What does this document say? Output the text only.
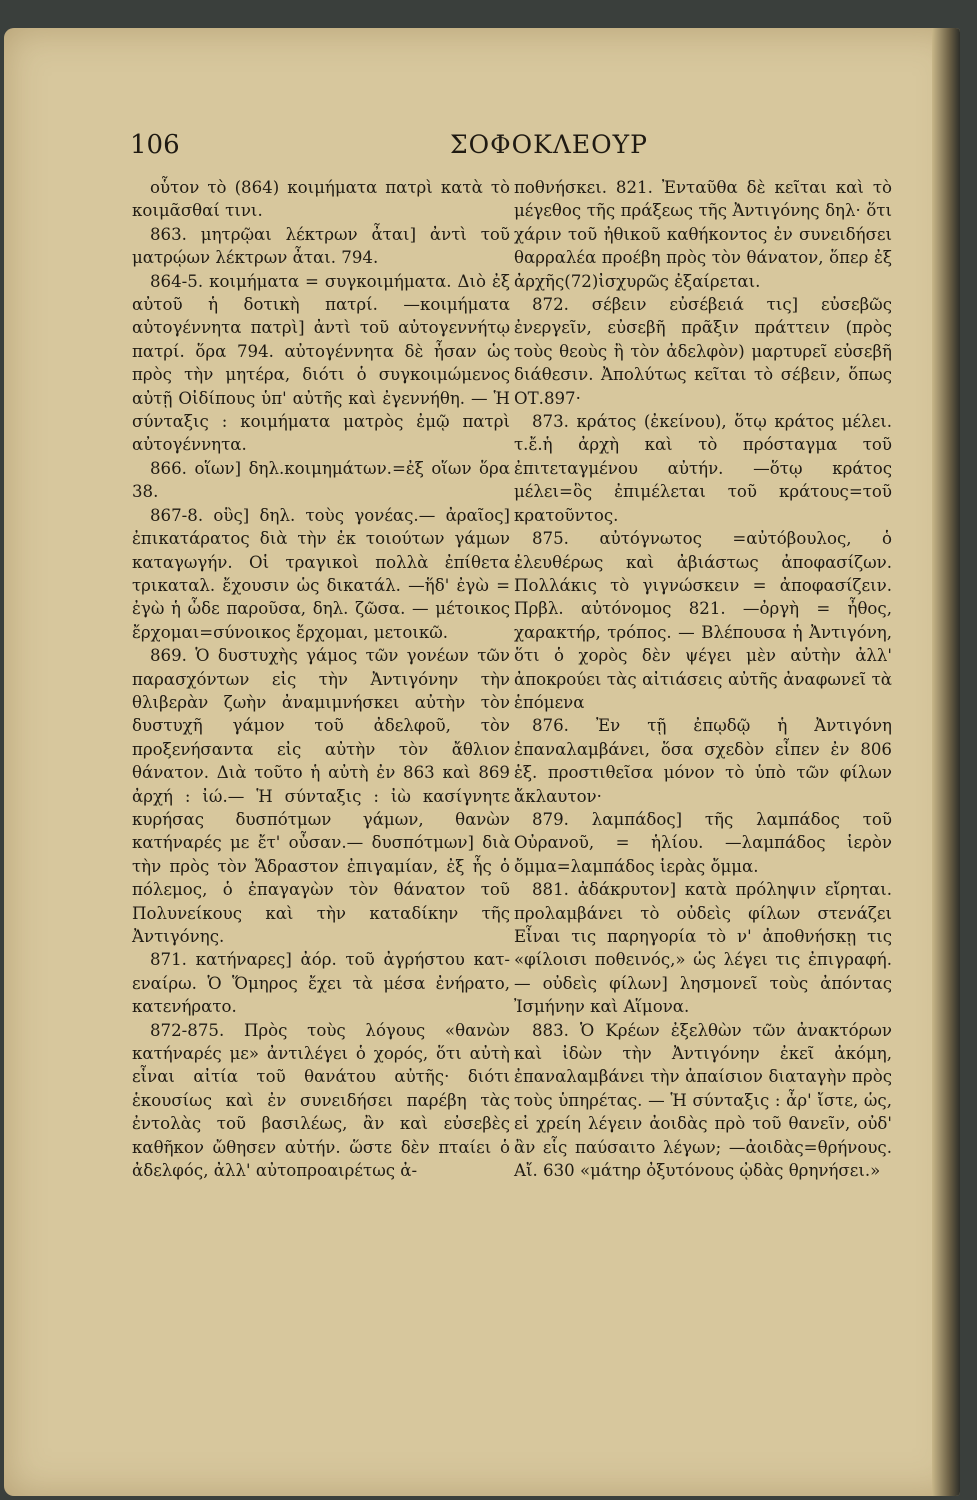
106	ΣΟΦΟΚΛΕΟΥΡ

οὗτον τὸ (864) κοιμήματα πατρὶ κατὰ τὸ κοιμᾶσθαί τινι.

863. μητρῷαι λέκτρων ἆται] ἀντὶ τοῦ ματρῴων λέκτρων ἆται. 794.

864-5. κοιμήματα = συγκοιμήματα. Διὸ ἐξ αὐτοῦ ἡ δοτικὴ πατρί. —κοιμήματα αὐτογέννητα πατρὶ] ἀντὶ τοῦ αὐτογεννήτῳ πατρί. ὅρα 794. αὐτογέννητα δὲ ἦσαν ὡς πρὸς τὴν μητέρα, διότι ὁ συγκοιμώμενος αὐτῇ Οἰδίπους ὑπ' αὐτῆς καὶ ἐγεννήθη. — Ἡ σύνταξις : κοιμήματα ματρὸς ἐμῷ πατρὶ αὐτογέννητα.

866. οἵων] δηλ.κοιμημάτων.=ἐξ οἵων ὅρα 38.

867-8. οὓς] δηλ. τοὺς γονέας.— ἀραῖος] ἐπικατάρατος διὰ τὴν ἐκ τοιούτων γάμων καταγωγήν. Οἱ τραγικοὶ πολλὰ ἐπίθετα τρικαταλ. ἔχουσιν ὡς δικατάλ. —ἥδ' ἐγὼ = ἐγὼ ἡ ὧδε παροῦσα, δηλ. ζῶσα. — μέτοικος ἔρχομαι=σύνοικος ἔρχομαι, μετοικῶ.

869. Ὁ δυστυχὴς γάμος τῶν γονέων τῶν παρασχόντων εἰς τὴν Ἀντιγόνην τὴν θλιβερὰν ζωὴν ἀναμιμνήσκει αὐτὴν τὸν δυστυχῆ γάμον τοῦ ἀδελφοῦ, τὸν προξενήσαντα εἰς αὐτὴν τὸν ἄθλιον θάνατον. Διὰ τοῦτο ἡ αὐτὴ ἐν 863 καὶ 869 ἀρχή : ἰώ.— Ἡ σύνταξις : ἰὼ κασίγνητε κυρήσας δυσπότμων γάμων, θανὼν κατήναρές με ἔτ' οὖσαν.— δυσπότμων] διὰ τὴν πρὸς τὸν Ἄδραστον ἐπιγαμίαν, ἐξ ἧς ὁ πόλεμος, ὁ ἐπαγαγὼν τὸν θάνατον τοῦ Πολυνείκους καὶ τὴν καταδίκην τῆς Ἀντιγόνης.

871. κατήναρες] ἀόρ. τοῦ ἀγρήστου κατ-εναίρω. Ὁ Ὅμηρος ἔχει τὰ μέσα ἐνήρατο, κατενήρατο.

872-875. Πρὸς τοὺς λόγους «θανὼν κατήναρές με» ἀντιλέγει ὁ χορός, ὅτι αὐτὴ εἶναι αἰτία τοῦ θανάτου αὐτῆς· διότι ἑκουσίως καὶ ἐν συνειδήσει παρέβη τὰς ἐντολὰς τοῦ βασιλέως, ἂν καὶ εὐσεβὲς καθῆκον ὤθησεν αὐτήν. ὥστε δὲν πταίει ὁ ἀδελφός, ἀλλ' αὐτοπροαιρέτως ἀ-

ποθνήσκει. 821. Ἐνταῦθα δὲ κεῖται καὶ τὸ μέγεθος τῆς πράξεως τῆς Ἀντιγόνης δηλ· ὅτι χάριν τοῦ ἠθικοῦ καθήκοντος ἐν συνειδήσει θαρραλέα προέβη πρὸς τὸν θάνατον, ὅπερ ἐξ ἀρχῆς(72)ἰσχυρῶς ἐξαίρεται.

872. σέβειν εὐσέβειά τις] εὐσεβῶς ἐνεργεῖν, εὐσεβῆ πρᾶξιν πράττειν (πρὸς τοὺς θεοὺς ἢ τὸν ἀδελφὸν) μαρτυρεῖ εὐσεβῆ διάθεσιν. Ἀπολύτως κεῖται τὸ σέβειν, ὅπως ΟΤ.897·

873. κράτος (ἐκείνου), ὅτῳ κράτος μέλει. τ.ἔ.ἡ ἀρχὴ καὶ τὸ πρόσταγμα τοῦ ἐπιτεταγμένου αὐτήν. —ὅτῳ κράτος μέλει=ὃς ἐπιμέλεται τοῦ κράτους=τοῦ κρατοῦντος.

875. αὐτόγνωτος =αὐτόβουλος, ὁ ἐλευθέρως καὶ ἀβιάστως ἀποφασίζων. Πολλάκις τὸ γιγνώσκειν = ἀποφασίζειν. Πρβλ. αὐτόνομος 821. —ὀργὴ = ἦθος, χαρακτήρ, τρόπος. — Βλέπουσα ἡ Ἀντιγόνη, ὅτι ὁ χορὸς δὲν ψέγει μὲν αὐτὴν ἀλλ' ἀποκρούει τὰς αἰτιάσεις αὐτῆς ἀναφωνεῖ τὰ ἑπόμενα

876. Ἐν τῇ ἐπῳδῷ ἡ Ἀντιγόνη ἐπαναλαμβάνει, ὅσα σχεδὸν εἶπεν ἐν 806 ἑξ. προστιθεῖσα μόνον τὸ ὑπὸ τῶν φίλων ἄκλαυτον·

879. λαμπάδος] τῆς λαμπάδος τοῦ Οὐρανοῦ, = ἡλίου. —λαμπάδος ἱερὸν ὄμμα=λαμπάδος ἱερὰς ὄμμα.

881. ἀδάκρυτον] κατὰ πρόληψιν εἴρηται. προλαμβάνει τὸ οὐδεὶς φίλων στενάζει Εἶναι τις παρηγορία τὸ ν' ἀποθνήσκῃ τις «φίλοισι ποθεινός,» ὡς λέγει τις ἐπιγραφή.— οὐδεὶς φίλων] λησμονεῖ τοὺς ἀπόντας Ἰσμήνην καὶ Αἵμονα.

883. Ὁ Κρέων ἐξελθὼν τῶν ἀνακτόρων καὶ ἰδὼν τὴν Ἀντιγόνην ἐκεῖ ἀκόμη, ἐπαναλαμβάνει τὴν ἀπαίσιον διαταγὴν πρὸς τοὺς ὑπηρέτας. — Ἡ σύνταξις : ἆρ' ἴστε, ὡς, εἰ χρείη λέγειν ἀοιδὰς πρὸ τοῦ θανεῖν, οὐδ' ἂν εἷς παύσαιτο λέγων; —ἀοιδὰς=θρήνους. Αἴ. 630 «μάτηρ ὀξυτόνους ᾠδὰς θρηνήσει.»
